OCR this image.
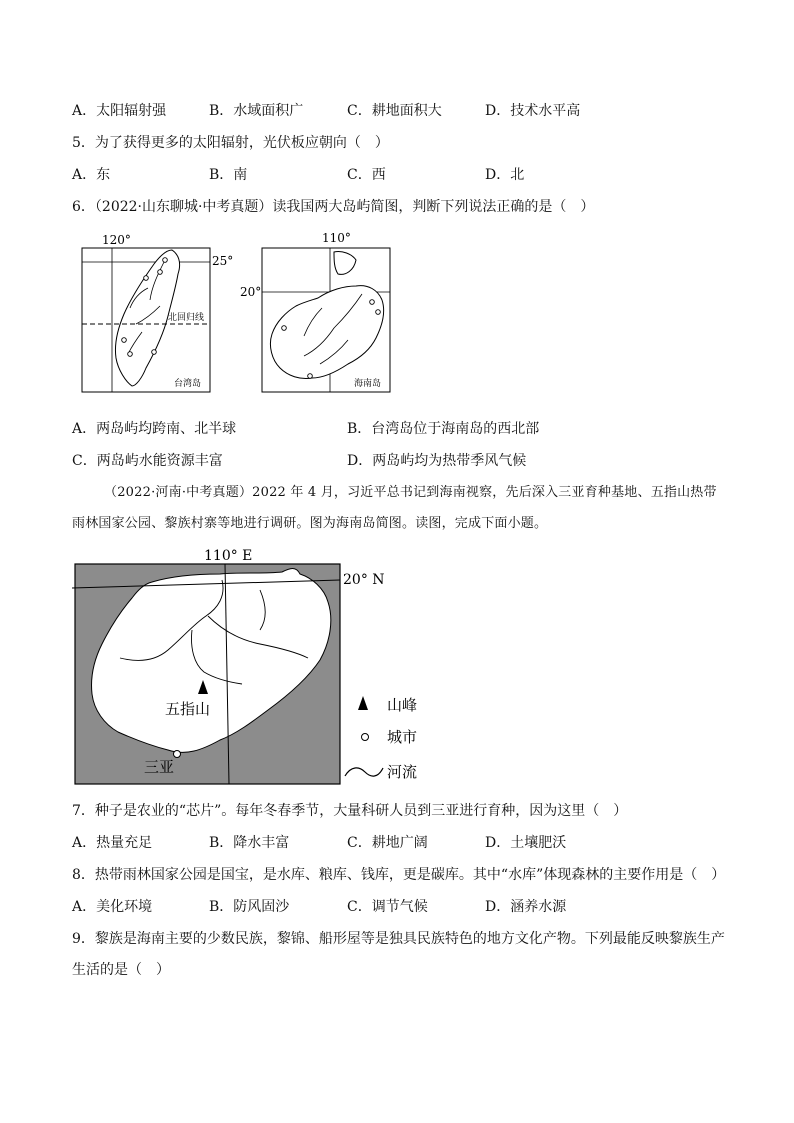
A．太阳辐射强	B．水域面积广	C．耕地面积大	D．技术水平高
5．为了获得更多的太阳辐射，光伏板应朝向（　）
A．东	B．南	C．西	D．北
6．（2022·山东聊城·中考真题）读我国两大岛屿简图，判断下列说法正确的是（　）
120°
25°
北回归线
台湾岛
110°
20°
海南岛
A．两岛屿均跨南、北半球	B．台湾岛位于海南岛的西北部
C．两岛屿水能资源丰富	D．两岛屿均为热带季风气候
（2022·河南·中考真题）2022 年 4 月，习近平总书记到海南视察，先后深入三亚育种基地、五指山热带
雨林国家公园、黎族村寨等地进行调研。图为海南岛简图。读图，完成下面小题。
110° E
20° N
五指山
三亚
山峰
城市
河流
7．种子是农业的“芯片”。每年冬春季节，大量科研人员到三亚进行育种，因为这里（　）
A．热量充足	B．降水丰富	C．耕地广阔	D．土壤肥沃
8．热带雨林国家公园是国宝，是水库、粮库、钱库，更是碳库。其中“水库”体现森林的主要作用是（　）
A．美化环境	B．防风固沙	C．调节气候	D．涵养水源
9．黎族是海南主要的少数民族，黎锦、船形屋等是独具民族特色的地方文化产物。下列最能反映黎族生产
生活的是（　）
